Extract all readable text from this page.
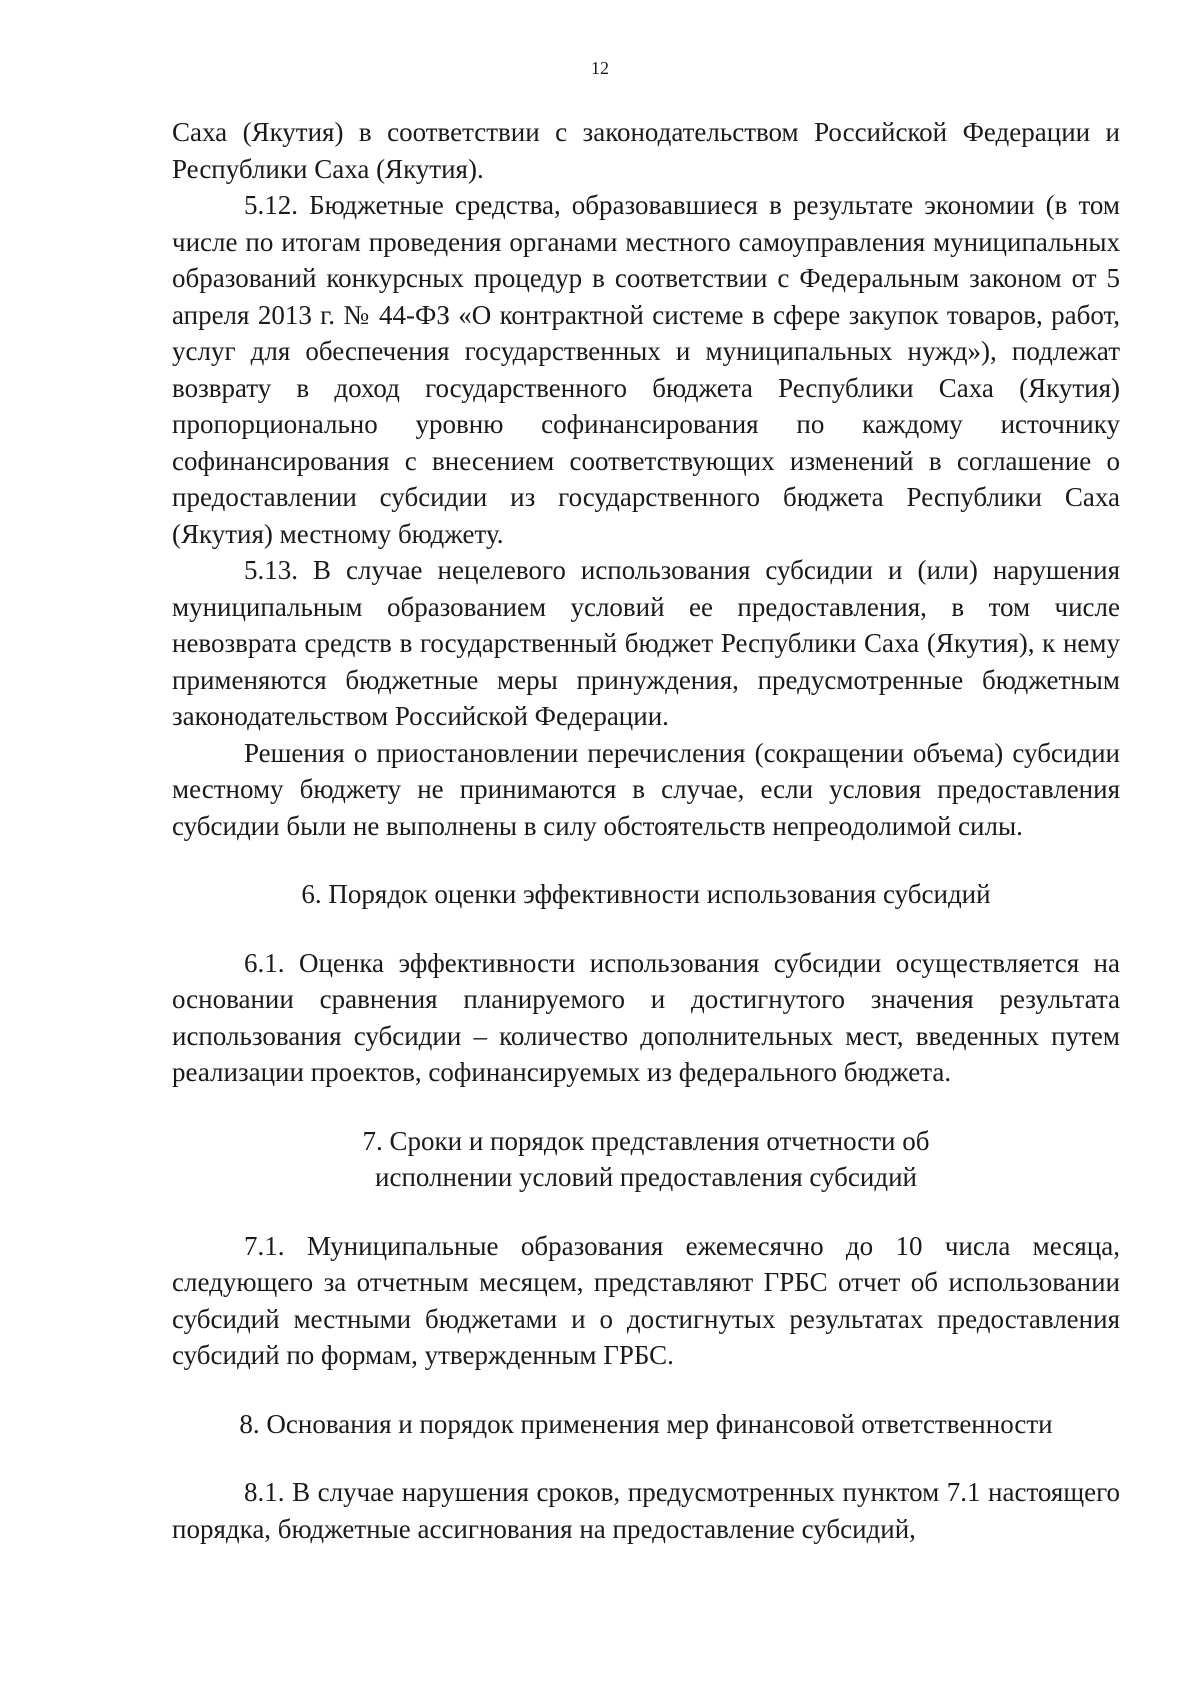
12

Саха (Якутия) в соответствии с законодательством Российской Федерации и Республики Саха (Якутия).

5.12. Бюджетные средства, образовавшиеся в результате экономии (в том числе по итогам проведения органами местного самоуправления муниципальных образований конкурсных процедур в соответствии с Федеральным законом от 5 апреля 2013 г. № 44-ФЗ «О контрактной системе в сфере закупок товаров, работ, услуг для обеспечения государственных и муниципальных нужд»), подлежат возврату в доход государственного бюджета Республики Саха (Якутия) пропорционально уровню софинансирования по каждому источнику софинансирования с внесением соответствующих изменений в соглашение о предоставлении субсидии из государственного бюджета Республики Саха (Якутия) местному бюджету.

5.13. В случае нецелевого использования субсидии и (или) нарушения муниципальным образованием условий ее предоставления, в том числе невозврата средств в государственный бюджет Республики Саха (Якутия), к нему применяются бюджетные меры принуждения, предусмотренные бюджетным законодательством Российской Федерации.

Решения о приостановлении перечисления (сокращении объема) субсидии местному бюджету не принимаются в случае, если условия предоставления субсидии были не выполнены в силу обстоятельств непреодолимой силы.

6. Порядок оценки эффективности использования субсидий

6.1. Оценка эффективности использования субсидии осуществляется на основании сравнения планируемого и достигнутого значения результата использования субсидии – количество дополнительных мест, введенных путем реализации проектов, софинансируемых из федерального бюджета.

7. Сроки и порядок представления отчетности об
исполнении условий предоставления субсидий

7.1. Муниципальные образования ежемесячно до 10 числа месяца, следующего за отчетным месяцем, представляют ГРБС отчет об использовании субсидий местными бюджетами и о достигнутых результатах предоставления субсидий по формам, утвержденным ГРБС.

8. Основания и порядок применения мер финансовой ответственности

8.1. В случае нарушения сроков, предусмотренных пунктом 7.1 настоящего порядка, бюджетные ассигнования на предоставление субсидий,
